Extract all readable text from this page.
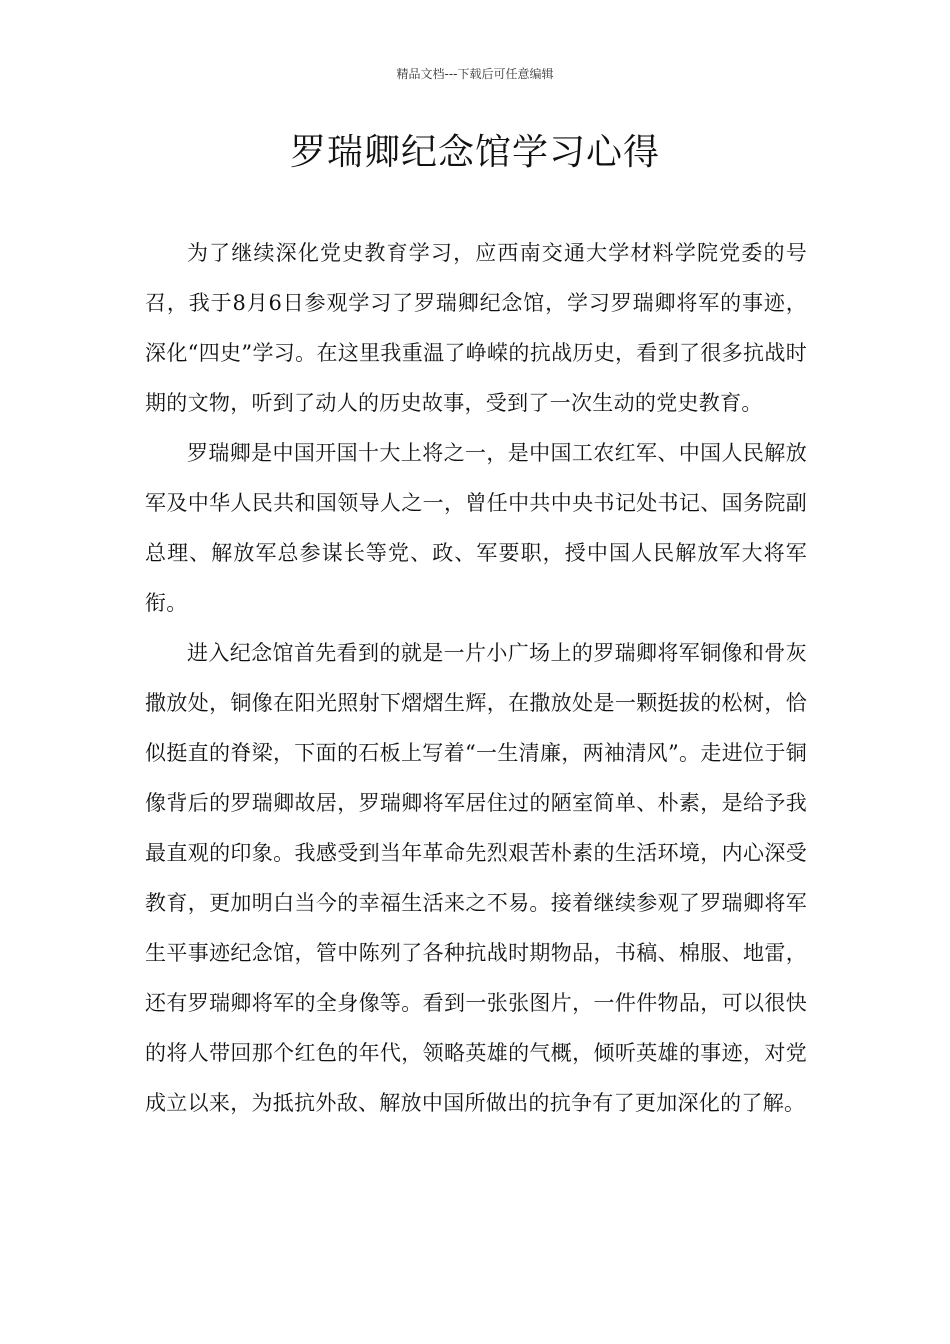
精品文档---下载后可任意编辑
罗瑞卿纪念馆学习心得

为了继续深化党史教育学习，应西南交通大学材料学院党委的号召，我于8月6日参观学习了罗瑞卿纪念馆，学习罗瑞卿将军的事迹，深化“四史”学习。在这里我重温了峥嵘的抗战历史，看到了很多抗战时期的文物，听到了动人的历史故事，受到了一次生动的党史教育。

罗瑞卿是中国开国十大上将之一，是中国工农红军、中国人民解放军及中华人民共和国领导人之一，曾任中共中央书记处书记、国务院副总理、解放军总参谋长等党、政、军要职，授中国人民解放军大将军衔。

进入纪念馆首先看到的就是一片小广场上的罗瑞卿将军铜像和骨灰撒放处，铜像在阳光照射下熠熠生辉，在撒放处是一颗挺拔的松树，恰似挺直的脊梁，下面的石板上写着“一生清廉，两袖清风”。走进位于铜像背后的罗瑞卿故居，罗瑞卿将军居住过的陋室简单、朴素，是给予我最直观的印象。我感受到当年革命先烈艰苦朴素的生活环境，内心深受教育，更加明白当今的幸福生活来之不易。接着继续参观了罗瑞卿将军生平事迹纪念馆，管中陈列了各种抗战时期物品，书稿、棉服、地雷，还有罗瑞卿将军的全身像等。看到一张张图片，一件件物品，可以很快的将人带回那个红色的年代，领略英雄的气概，倾听英雄的事迹，对党成立以来，为抵抗外敌、解放中国所做出的抗争有了更加深化的了解。
